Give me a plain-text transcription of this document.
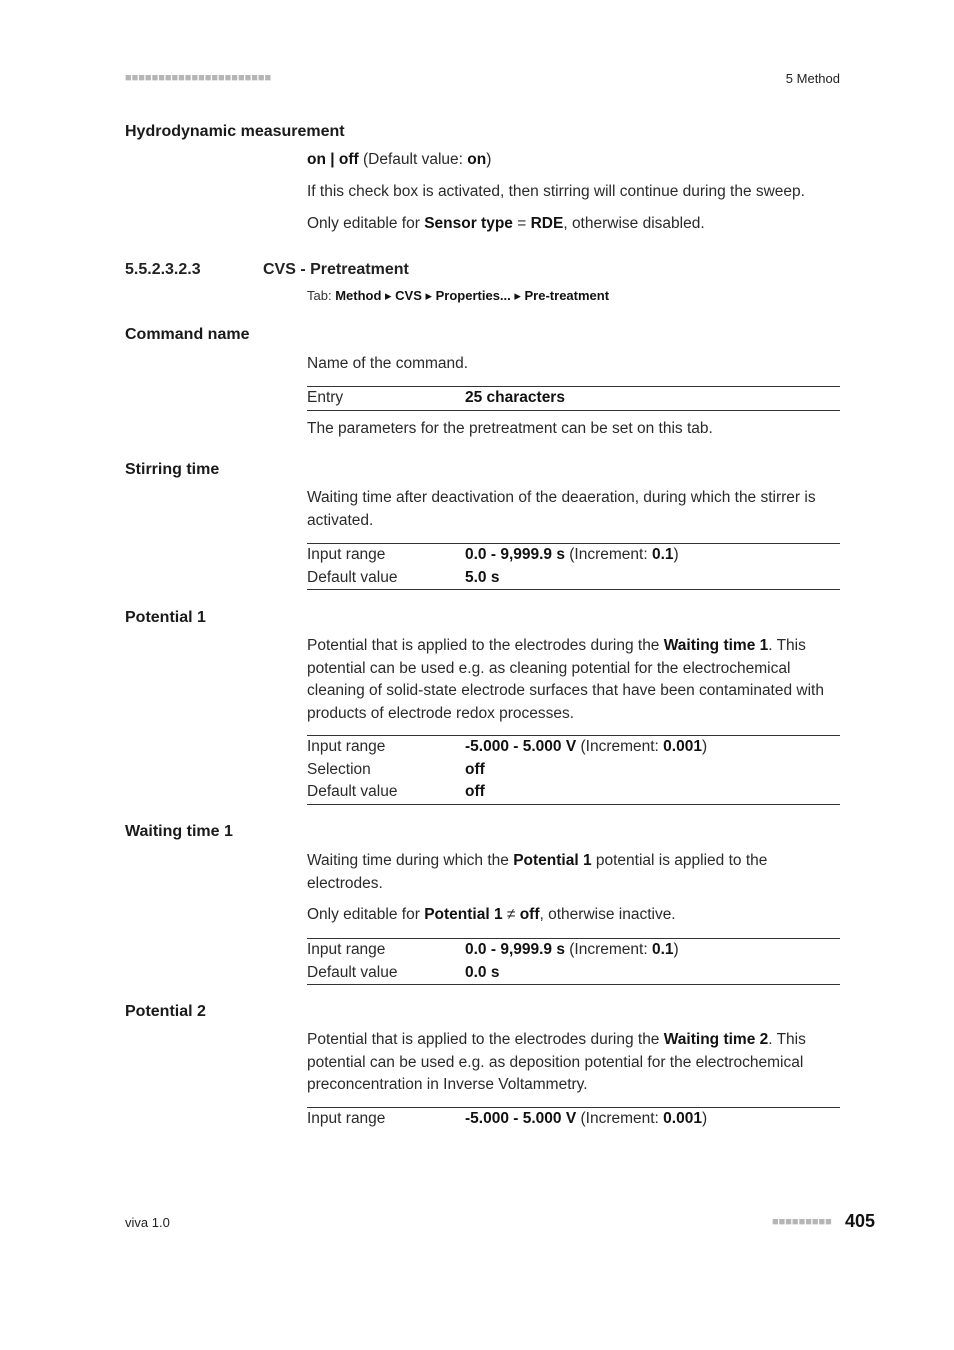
■■■■■■■■■■■■■■■■■■■■■■	5 Method
Hydrodynamic measurement
on | off (Default value: on)
If this check box is activated, then stirring will continue during the sweep.
Only editable for Sensor type = RDE, otherwise disabled.
5.5.2.3.2.3	CVS - Pretreatment
Tab: Method ▸ CVS ▸ Properties... ▸ Pre-treatment
Command name
Name of the command.
Entry	25 characters
The parameters for the pretreatment can be set on this tab.
Stirring time
Waiting time after deactivation of the deaeration, during which the stirrer is activated.
Input range	0.0 - 9,999.9 s (Increment: 0.1)
Default value	5.0 s
Potential 1
Potential that is applied to the electrodes during the Waiting time 1. This potential can be used e.g. as cleaning potential for the electrochemical cleaning of solid-state electrode surfaces that have been contaminated with products of electrode redox processes.
Input range	-5.000 - 5.000 V (Increment: 0.001)
Selection	off
Default value	off
Waiting time 1
Waiting time during which the Potential 1 potential is applied to the electrodes.
Only editable for Potential 1 ≠ off, otherwise inactive.
Input range	0.0 - 9,999.9 s (Increment: 0.1)
Default value	0.0 s
Potential 2
Potential that is applied to the electrodes during the Waiting time 2. This potential can be used e.g. as deposition potential for the electrochemical preconcentration in Inverse Voltammetry.
Input range	-5.000 - 5.000 V (Increment: 0.001)
viva 1.0	■■■■■■■■■ 405
